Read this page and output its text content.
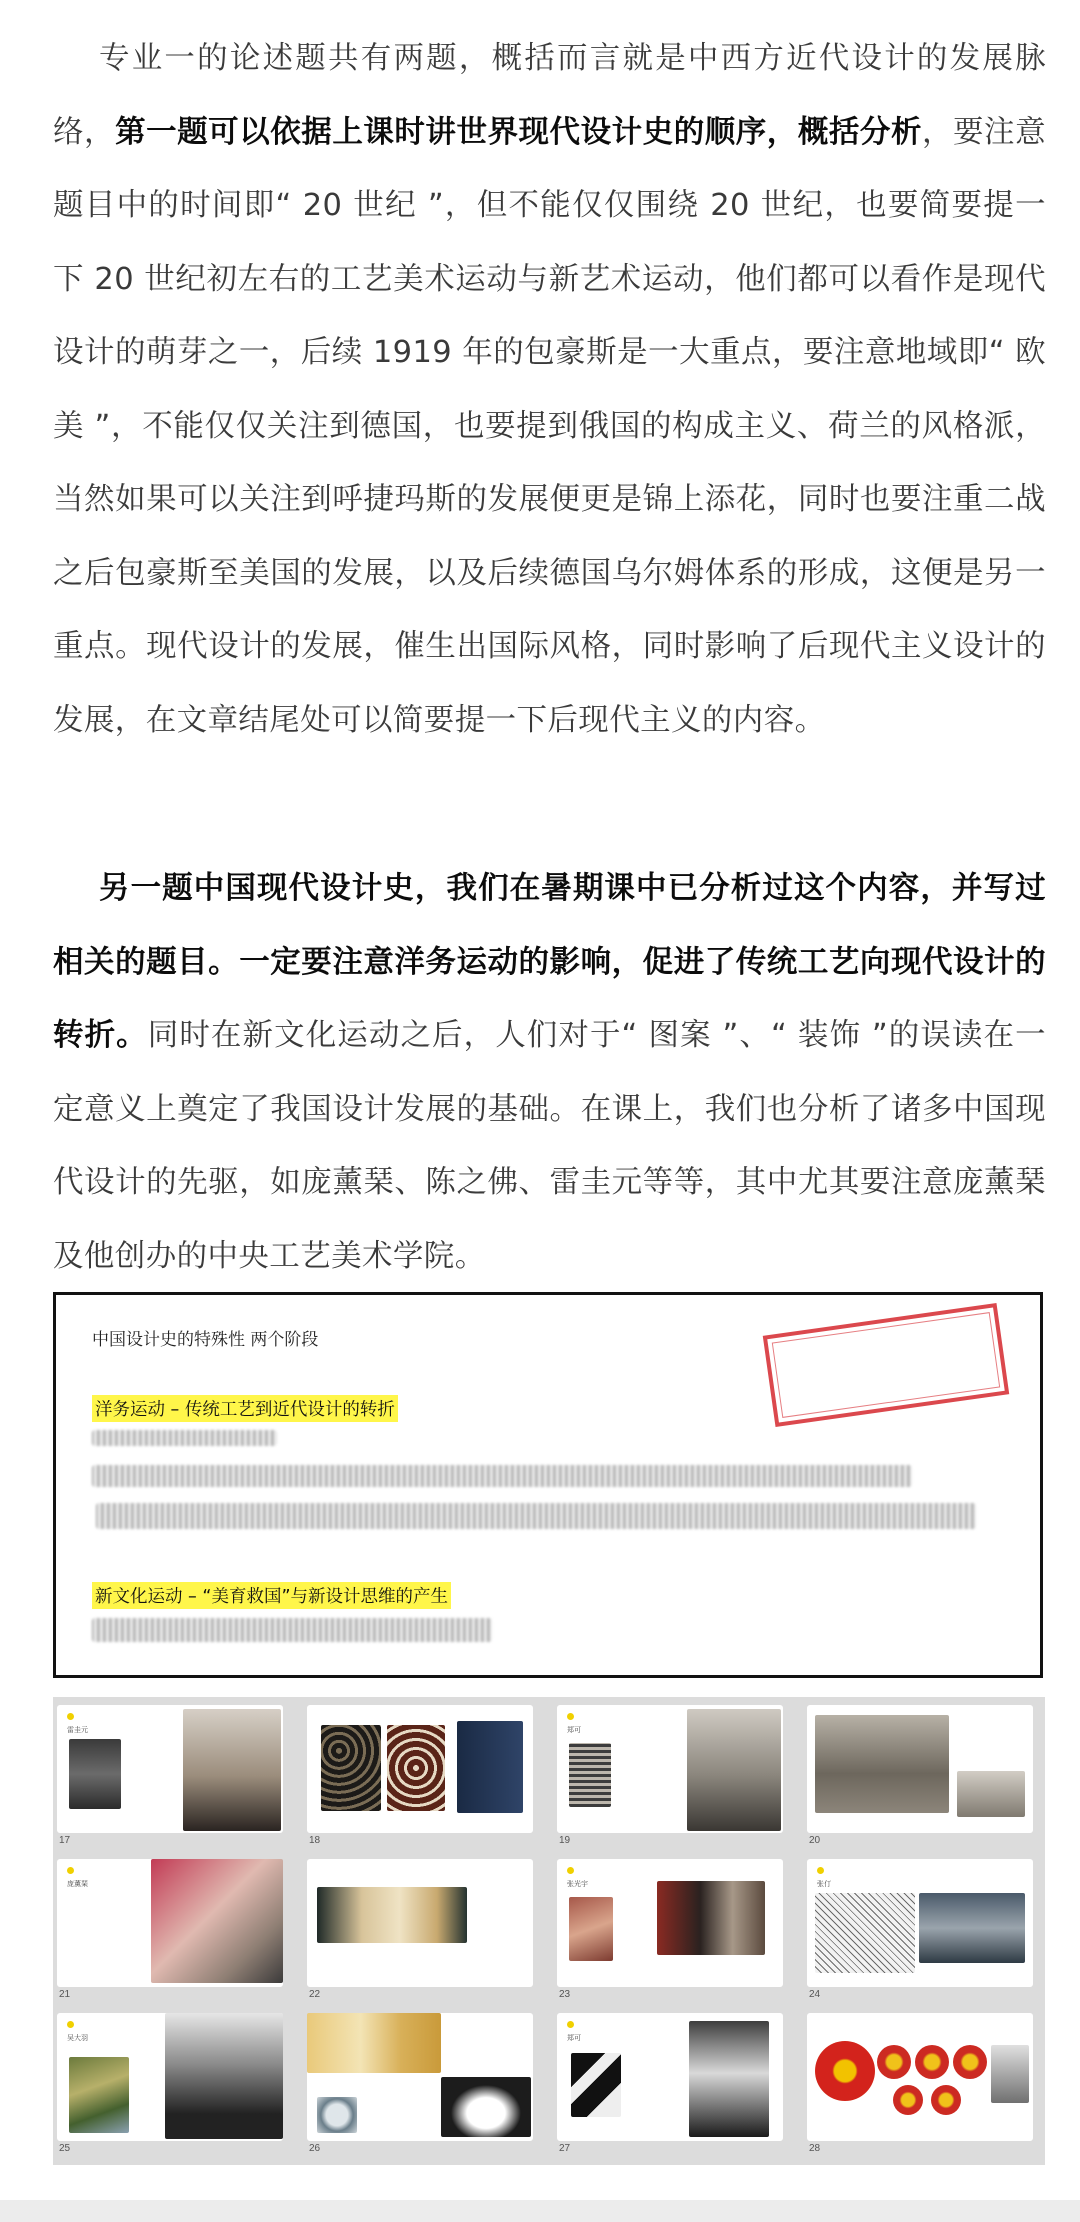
专业一的论述题共有两题，概括而言就是中西方近代设计的发展脉络，第一题可以依据上课时讲世界现代设计史的顺序，概括分析，要注意题目中的时间即“ 20 世纪 ”，但不能仅仅围绕 20 世纪，也要简要提一下 20 世纪初左右的工艺美术运动与新艺术运动，他们都可以看作是现代设计的萌芽之一，后续 1919 年的包豪斯是一大重点，要注意地域即“ 欧美 ”，不能仅仅关注到德国，也要提到俄国的构成主义、荷兰的风格派，当然如果可以关注到呼捷玛斯的发展便更是锦上添花，同时也要注重二战之后包豪斯至美国的发展，以及后续德国乌尔姆体系的形成，这便是另一重点。现代设计的发展，催生出国际风格，同时影响了后现代主义设计的发展，在文章结尾处可以简要提一下后现代主义的内容。

另一题中国现代设计史，我们在暑期课中已分析过这个内容，并写过相关的题目。一定要注意洋务运动的影响，促进了传统工艺向现代设计的转折。同时在新文化运动之后，人们对于“ 图案 ”、“ 装饰 ”的误读在一定意义上奠定了我国设计发展的基础。在课上，我们也分析了诸多中国现代设计的先驱，如庞薰琹、陈之佛、雷圭元等等，其中尤其要注意庞薰琹及他创办的中央工艺美术学院。

中国设计史的特殊性 两个阶段
洋务运动 – 传统工艺到近代设计的转折
新文化运动 – “美育救国”与新设计思维的产生
雷圭元
17	18
郑可
19	20
庞薰琹
21	22
张光宇
23
张仃
24
吴大羽
25	26
郑可
27	28
